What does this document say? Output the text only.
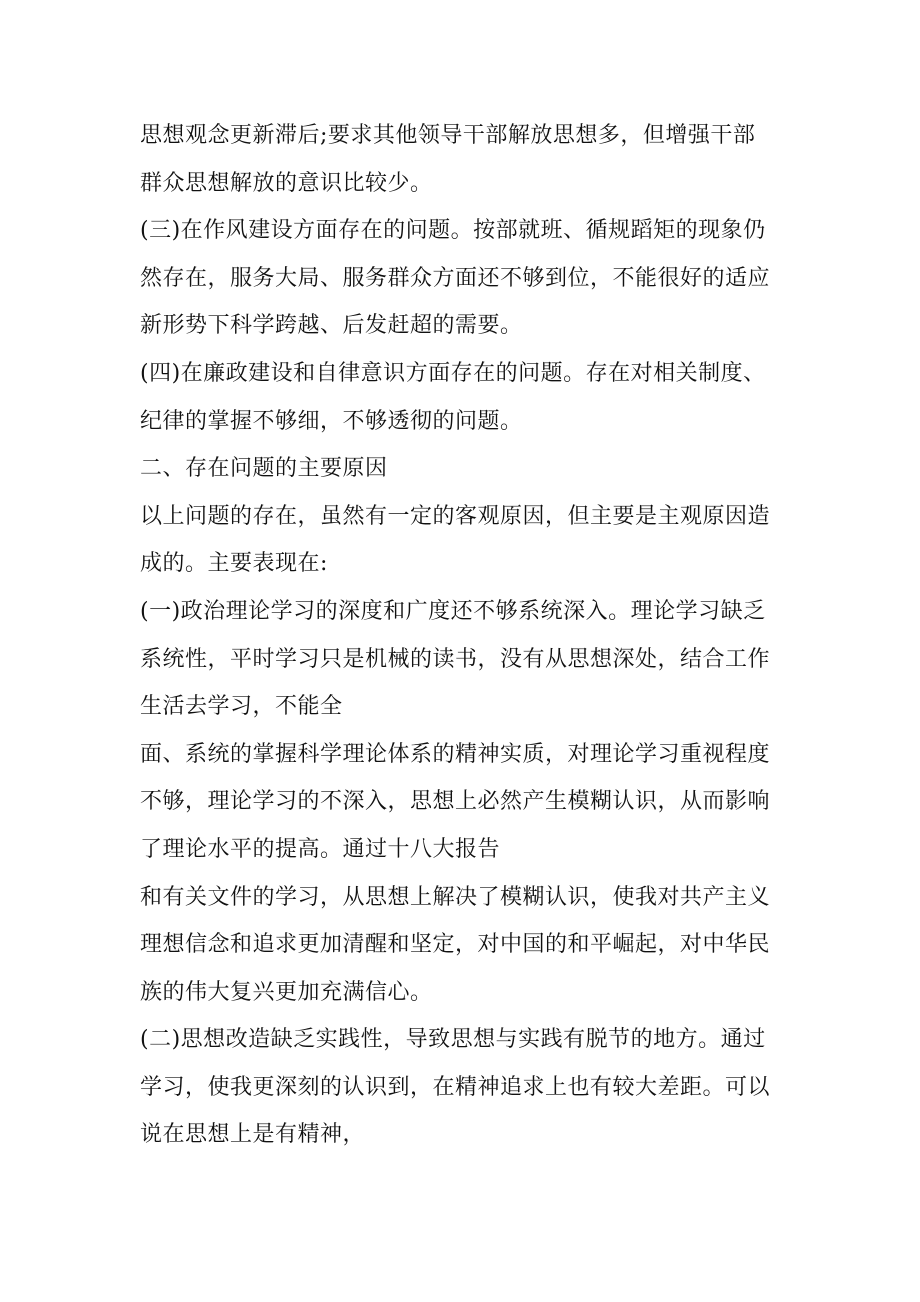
思想观念更新滞后;要求其他领导干部解放思想多，但增强干部
群众思想解放的意识比较少。
(三)在作风建设方面存在的问题。按部就班、循规蹈矩的现象仍
然存在，服务大局、服务群众方面还不够到位，不能很好的适应
新形势下科学跨越、后发赶超的需要。
(四)在廉政建设和自律意识方面存在的问题。存在对相关制度、
纪律的掌握不够细，不够透彻的问题。
二、存在问题的主要原因
以上问题的存在，虽然有一定的客观原因，但主要是主观原因造
成的。主要表现在:
(一)政治理论学习的深度和广度还不够系统深入。理论学习缺乏
系统性，平时学习只是机械的读书，没有从思想深处，结合工作
生活去学习，不能全
面、系统的掌握科学理论体系的精神实质，对理论学习重视程度
不够，理论学习的不深入，思想上必然产生模糊认识，从而影响
了理论水平的提高。通过十八大报告
和有关文件的学习，从思想上解决了模糊认识，使我对共产主义
理想信念和追求更加清醒和坚定，对中国的和平崛起，对中华民
族的伟大复兴更加充满信心。
(二)思想改造缺乏实践性，导致思想与实践有脱节的地方。通过
学习，使我更深刻的认识到，在精神追求上也有较大差距。可以
说在思想上是有精神，
